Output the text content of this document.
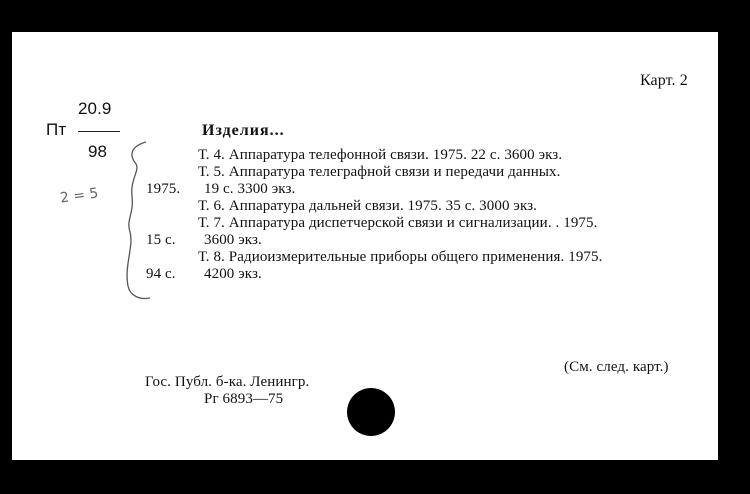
Карт. 2
20.9
Пт
98
2 = 5
Изделия...
Т. 4. Аппаратура телефонной связи. 1975. 22 с. 3600 экз.
Т. 5. Аппаратура телеграфной связи и передачи данных.
1975. 19 с. 3300 экз.
Т. 6. Аппаратура дальней связи. 1975. 35 с. 3000 экз.
Т. 7. Аппаратура диспетчерской связи и сигнализации. . 1975.
15 с. 3600 экз.
Т. 8. Радиоизмерительные приборы общего применения. 1975.
94 с. 4200 экз.
(См. след. карт.)
Гос. Публ. б-ка. Ленингр.
Рг 6893—75
